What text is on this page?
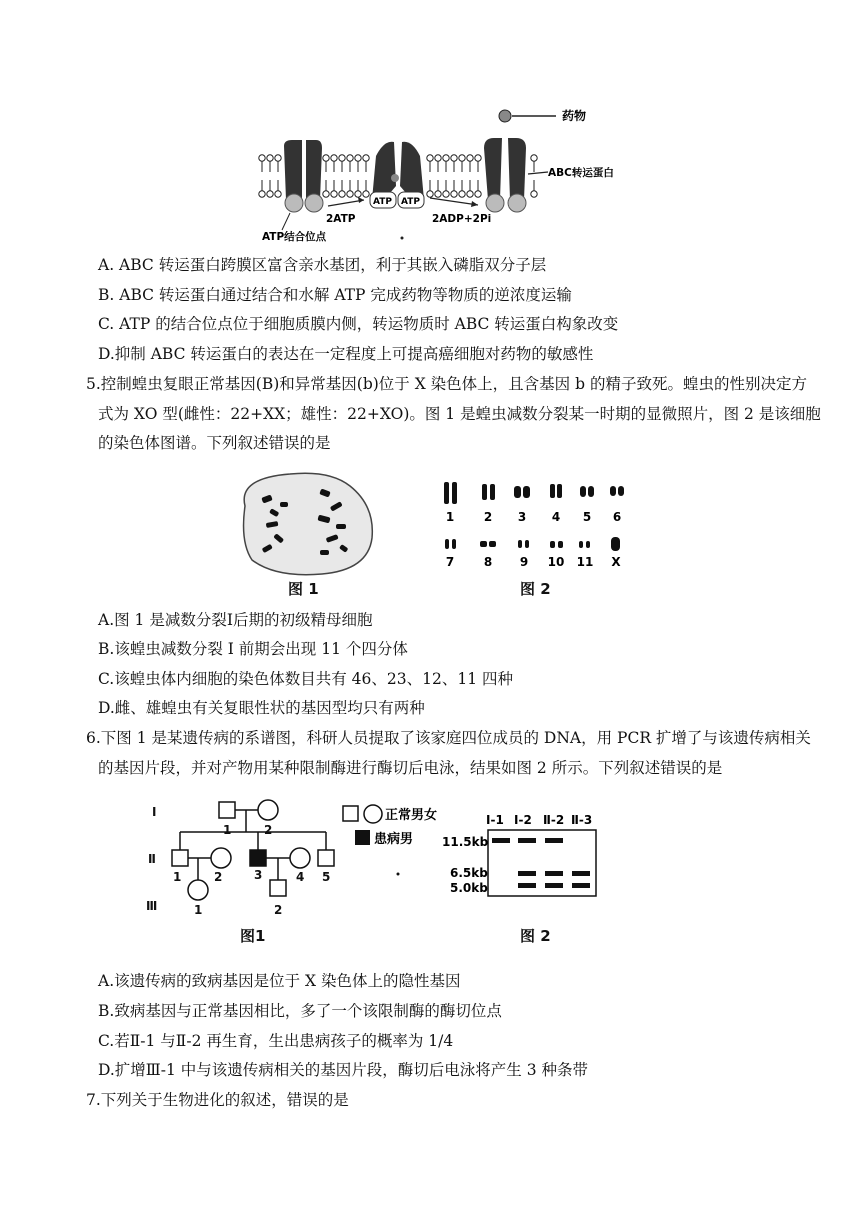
药物
ABC转运蛋白
ATP结合位点
2ATP	2ADP+2Pi
ATP ATP
A. ABC 转运蛋白跨膜区富含亲水基团，利于其嵌入磷脂双分子层
B. ABC 转运蛋白通过结合和水解 ATP 完成药物等物质的逆浓度运输
C. ATP 的结合位点位于细胞质膜内侧，转运物质时 ABC 转运蛋白构象改变
D.抑制 ABC 转运蛋白的表达在一定程度上可提高癌细胞对药物的敏感性
5.控制蝗虫复眼正常基因(B)和异常基因(b)位于 X 染色体上，且含基因 b 的精子致死。蝗虫的性别决定方
式为 XO 型(雌性：22+XX；雄性：22+XO)。图 1 是蝗虫减数分裂某一时期的显微照片，图 2 是该细胞
的染色体图谱。下列叙述错误的是
1 2 3 4 5 6
7 8 9 10 11 X
图 1	图 2
A.图 1 是减数分裂Ⅰ后期的初级精母细胞
B.该蝗虫减数分裂 I 前期会出现 11 个四分体
C.该蝗虫体内细胞的染色体数目共有 46、23、12、11 四种
D.雌、雄蝗虫有关复眼性状的基因型均只有两种
6.下图 1 是某遗传病的系谱图，科研人员提取了该家庭四位成员的 DNA，用 PCR 扩增了与该遗传病相关
的基因片段，并对产物用某种限制酶进行酶切后电泳，结果如图 2 所示。下列叙述错误的是
Ⅰ
Ⅱ
Ⅲ
1	2
1	2	3	4 5
1	2
正常男女
患病男
Ⅰ-1 Ⅰ-2 Ⅱ-2 Ⅱ-3
11.5kb
6.5kb
5.0kb
图1	图 2
A.该遗传病的致病基因是位于 X 染色体上的隐性基因
B.致病基因与正常基因相比，多了一个该限制酶的酶切位点
C.若Ⅱ-1 与Ⅱ-2 再生育，生出患病孩子的概率为 1/4
D.扩增Ⅲ-1 中与该遗传病相关的基因片段，酶切后电泳将产生 3 种条带
7.下列关于生物进化的叙述，错误的是
